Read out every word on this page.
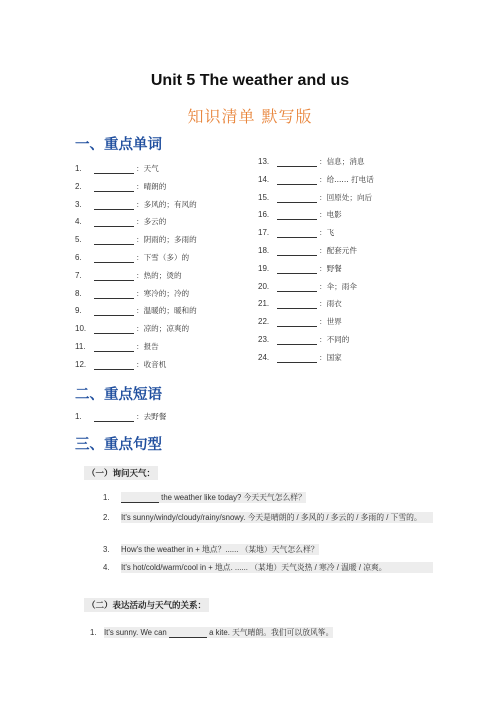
Unit 5 The weather and us
知识清单 默写版
一、重点单词
1.	：天气
2.	：晴朗的
3.	：多风的；有风的
4.	：多云的
5.	：阴雨的；多雨的
6.	：下雪（多）的
7.	：热的；烫的
8.	：寒冷的；冷的
9.	：温暖的；暖和的
10.	：凉的；凉爽的
11.	：报告
12.	：收音机
13.	：信息；消息
14.	：给...... 打电话
15.	：回原处；向后
16.	：电影
17.	：飞
18.	：配套元件
19.	：野餐
20.	：伞；雨伞
21.	：雨衣
22.	：世界
23.	：不同的
24.	：国家
二、重点短语
1.	：去野餐
三、重点句型
（一）询问天气：
1.	the weather like today? 今天天气怎么样？
2. It's sunny/windy/cloudy/rainy/snowy. 今天是晴朗的 / 多风的 / 多云的 / 多雨的 / 下雪的。
3. How's the weather in + 地点？...... （某地）天气怎么样？
4. It's hot/cold/warm/cool in + 地点. ...... （某地）天气炎热 / 寒冷 / 温暖 / 凉爽。
（二）表达活动与天气的关系：
1. It's sunny. We can	a kite. 天气晴朗。我们可以放风筝。
